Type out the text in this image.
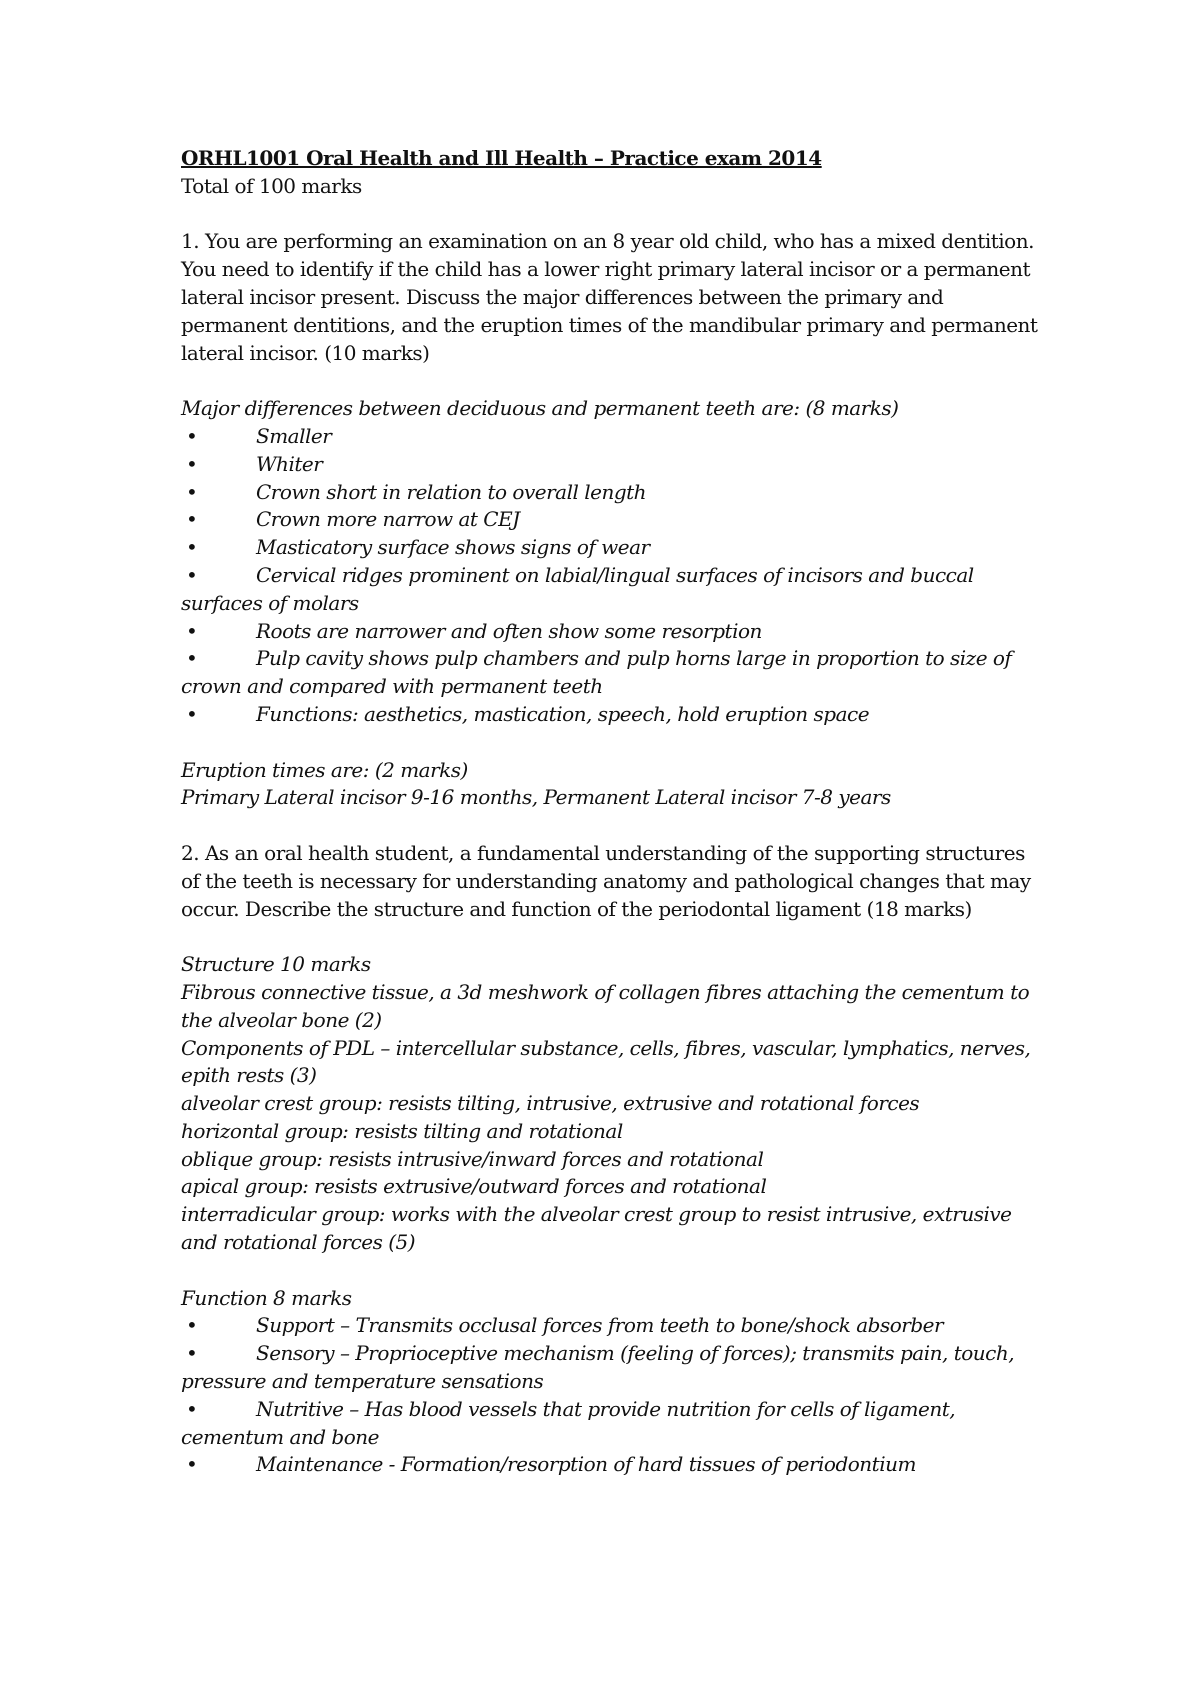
ORHL1001 Oral Health and Ill Health – Practice exam 2014

Total of 100 marks

1. You are performing an examination on an 8 year old child, who has a mixed dentition. You need to identify if the child has a lower right primary lateral incisor or a permanent lateral incisor present. Discuss the major differences between the primary and permanent dentitions, and the eruption times of the mandibular primary and permanent lateral incisor. (10 marks)

Major differences between deciduous and permanent teeth are: (8 marks)

•	Smaller

•	Whiter

•	Crown short in relation to overall length

•	Crown more narrow at CEJ

•	Masticatory surface shows signs of wear

•	Cervical ridges prominent on labial/lingual surfaces of incisors and buccal surfaces of molars

•	Roots are narrower and often show some resorption

•	Pulp cavity shows pulp chambers and pulp horns large in proportion to size of crown and compared with permanent teeth

•	Functions: aesthetics, mastication, speech, hold eruption space

Eruption times are: (2 marks)

Primary Lateral incisor 9-16 months, Permanent Lateral incisor 7-8 years

2. As an oral health student, a fundamental understanding of the supporting structures of the teeth is necessary for understanding anatomy and pathological changes that may occur. Describe the structure and function of the periodontal ligament (18 marks)

Structure 10 marks

Fibrous connective tissue, a 3d meshwork of collagen fibres attaching the cementum to the alveolar bone (2)

Components of PDL – intercellular substance, cells, fibres, vascular, lymphatics, nerves, epith rests (3)

alveolar crest group: resists tilting, intrusive, extrusive and rotational forces

horizontal group: resists tilting and rotational

oblique group: resists intrusive/inward forces and rotational

apical group: resists extrusive/outward forces and rotational

interradicular group: works with the alveolar crest group to resist intrusive, extrusive and rotational forces (5)

Function 8 marks

•	Support – Transmits occlusal forces from teeth to bone/shock absorber

•	Sensory – Proprioceptive mechanism (feeling of forces); transmits pain, touch, pressure and temperature sensations

•	Nutritive – Has blood vessels that provide nutrition for cells of ligament, cementum and bone

•	Maintenance - Formation/resorption of hard tissues of periodontium
